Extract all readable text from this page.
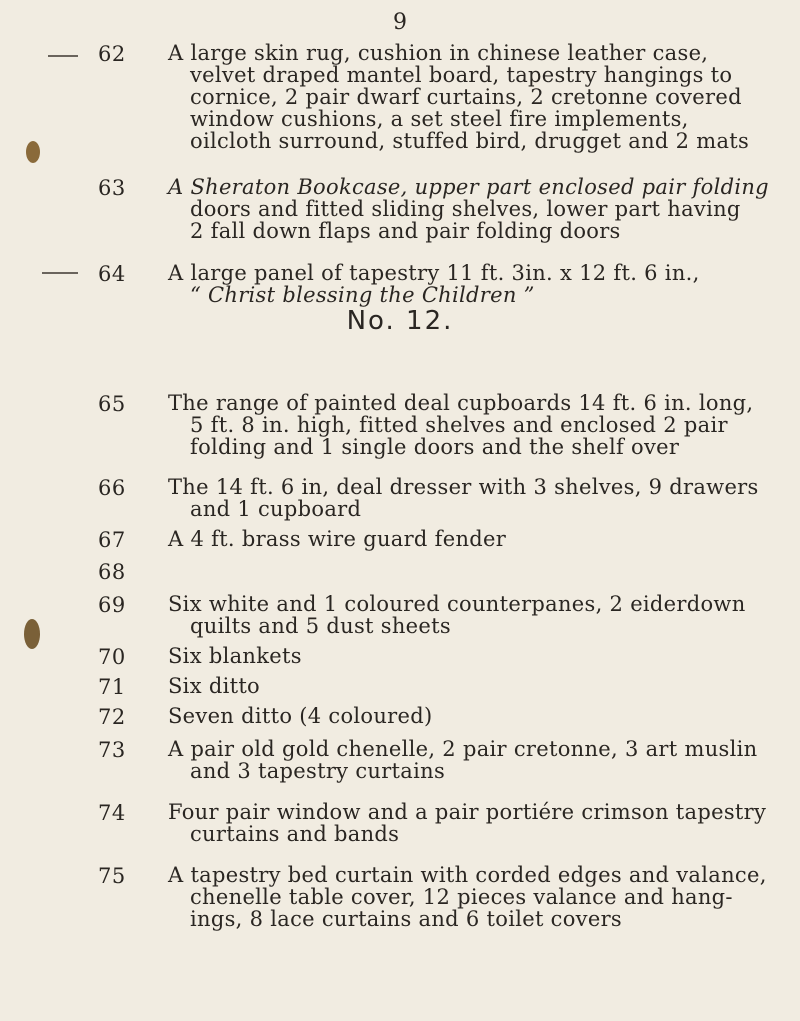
9
62	A large skin rug, cushion in chinese leather case,
velvet draped mantel board, tapestry hangings to
cornice, 2 pair dwarf curtains, 2 cretonne covered
window cushions, a set steel fire implements,
oilcloth surround, stuffed bird, drugget and 2 mats
63	A Sheraton Bookcase, upper part enclosed pair folding
doors and fitted sliding shelves, lower part having
2 fall down flaps and pair folding doors
64	A large panel of tapestry 11 ft. 3in. x 12 ft. 6 in.,
“ Christ blessing the Children ”
No. 12.
65	The range of painted deal cupboards 14 ft. 6 in. long,
5 ft. 8 in. high, fitted shelves and enclosed 2 pair
folding and 1 single doors and the shelf over
66	The 14 ft. 6 in, deal dresser with 3 shelves, 9 drawers
and 1 cupboard
67	A 4 ft. brass wire guard fender
68
69	Six white and 1 coloured counterpanes, 2 eiderdown
quilts and 5 dust sheets
70	Six blankets
71	Six ditto
72	Seven ditto (4 coloured)
73	A pair old gold chenelle, 2 pair cretonne, 3 art muslin
and 3 tapestry curtains
74	Four pair window and a pair portiére crimson tapestry
curtains and bands
75	A tapestry bed curtain with corded edges and valance,
chenelle table cover, 12 pieces valance and hang-
ings, 8 lace curtains and 6 toilet covers
